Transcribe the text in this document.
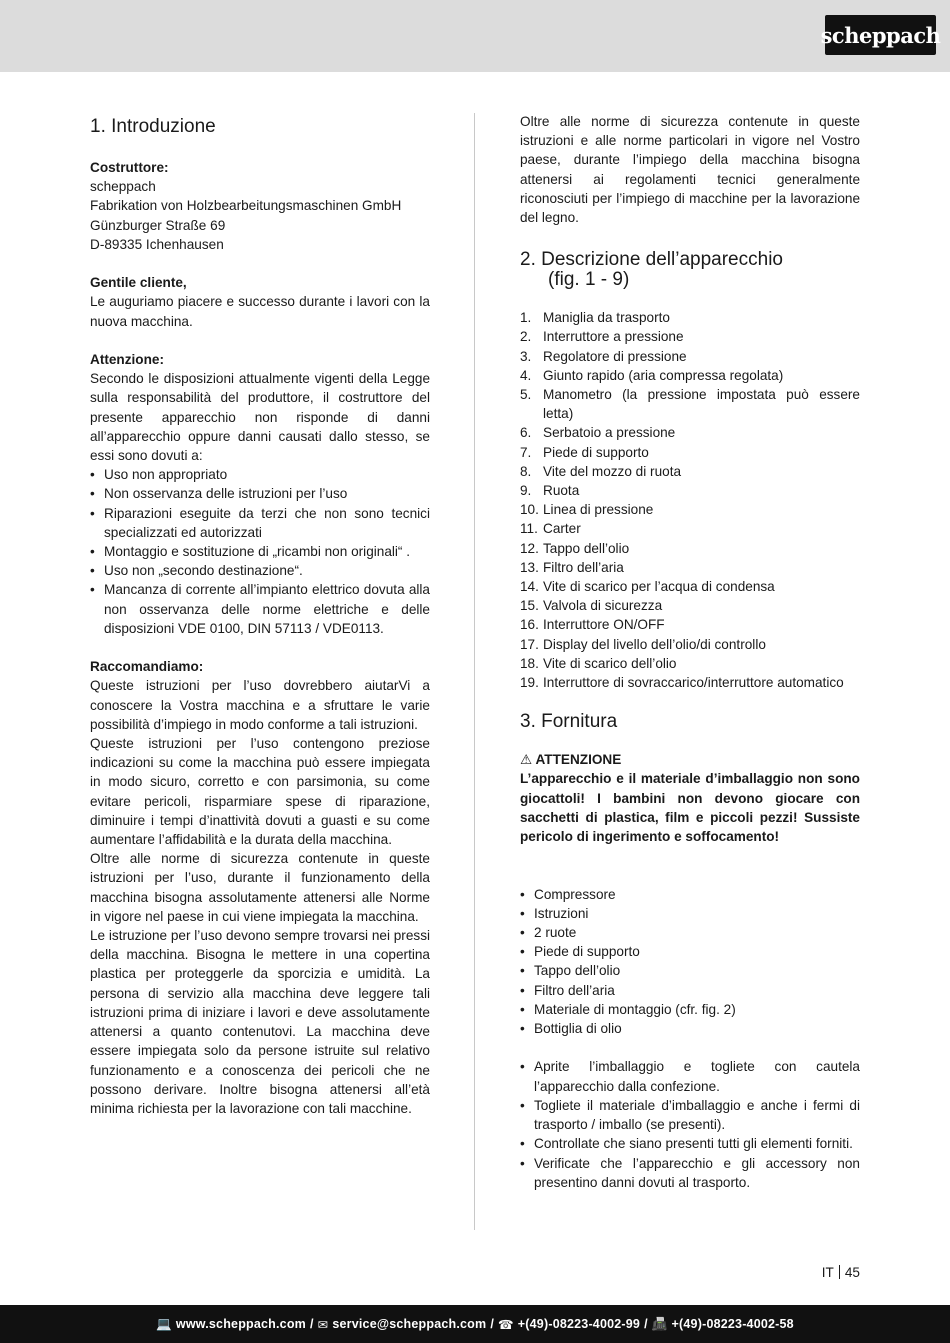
scheppach
1. Introduzione

Costruttore:

scheppach

Fabrikation von Holzbearbeitungsmaschinen GmbH

Günzburger Straße 69

D-89335 Ichenhausen

Gentile cliente,

Le auguriamo piacere e successo durante i lavori con la nuova macchina.

Attenzione:

Secondo le disposizioni attualmente vigenti della Legge sulla responsabilità del produttore, il costruttore del presente apparecchio non risponde di danni all’apparecchio oppure danni causati dallo stesso, se essi sono dovuti a:

• Uso non appropriato
• Non osservanza delle istruzioni per l’uso
• Riparazioni eseguite da terzi che non sono tecnici specializzati ed autorizzati
• Montaggio e sostituzione di „ricambi non originali“ .
• Uso non „secondo destinazione“.
• Mancanza di corrente all’impianto elettrico dovuta alla non osservanza delle norme elettriche e delle disposizioni VDE 0100, DIN 57113 / VDE0113.

Raccomandiamo:

Queste istruzioni per l’uso dovrebbero aiutarVi a conoscere la Vostra macchina e a sfruttare le varie possibilità d’impiego in modo conforme a tali istruzioni.

Queste istruzioni per l’uso contengono preziose indicazioni su come la macchina può essere impiegata in modo sicuro, corretto e con parsimonia, su come evitare pericoli, risparmiare spese di riparazione, diminuire i tempi d’inattività dovuti a guasti e su come aumentare l’affidabilità e la durata della macchina.

Oltre alle norme di sicurezza contenute in queste istruzioni per l’uso, durante il funzionamento della macchina bisogna assolutamente attenersi alle Norme in vigore nel paese in cui viene impiegata la macchina.

Le istruzione per l’uso devono sempre trovarsi nei pressi della macchina. Bisogna le mettere in una copertina plastica per proteggerle da sporcizia e umidità. La persona di servizio alla macchina deve leggere tali istruzioni prima di iniziare i lavori e deve assolutamente attenersi a quanto contenutovi. La macchina deve essere impiegata solo da persone istruite sul relativo funzionamento e a conoscenza dei pericoli che ne possono derivare. Inoltre bisogna attenersi all’età minima richiesta per la lavorazione con tali macchine.

Oltre alle norme di sicurezza contenute in queste istruzioni e alle norme particolari in vigore nel Vostro paese, durante l’impiego della macchina bisogna attenersi ai regolamenti tecnici generalmente riconosciuti per l’impiego di macchine per la lavorazione del legno.

2. Descrizione dell’apparecchio
(fig. 1 - 9)
1. Maniglia da trasporto
2. Interruttore a pressione
3. Regolatore di pressione
4. Giunto rapido (aria compressa regolata)
5. Manometro (la pressione impostata può essere letta)
6. Serbatoio a pressione
7. Piede di supporto
8. Vite del mozzo di ruota
9. Ruota
10. Linea di pressione
11. Carter
12. Tappo dell’olio
13. Filtro dell’aria
14. Vite di scarico per l’acqua di condensa
15. Valvola di sicurezza
16. Interruttore ON/OFF
17. Display del livello dell’olio/di controllo
18. Vite di scarico dell’olio
19. Interruttore di sovraccarico/interruttore automatico
3. Fornitura

⚠ ATTENZIONE

L’apparecchio e il materiale d’imballaggio non sono giocattoli! I bambini non devono giocare con sacchetti di plastica, film e piccoli pezzi! Sussiste pericolo di ingerimento e soffocamento!

• Compressore
• Istruzioni
• 2 ruote
• Piede di supporto
• Tappo dell’olio
• Filtro dell’aria
• Materiale di montaggio (cfr. fig. 2)
• Bottiglia di olio
• Aprite l’imballaggio e togliete con cautela l’apparecchio dalla confezione.
• Togliete il materiale d’imballaggio e anche i fermi di trasporto / imballo (se presenti).
• Controllate che siano presenti tutti gli elementi forniti.
• Verificate che l’apparecchio e gli accessory non presentino danni dovuti al trasporto.
IT 45
💻 www.scheppach.com / ✉ service@scheppach.com / ☎ +(49)-08223-4002-99 / 📠 +(49)-08223-4002-58
